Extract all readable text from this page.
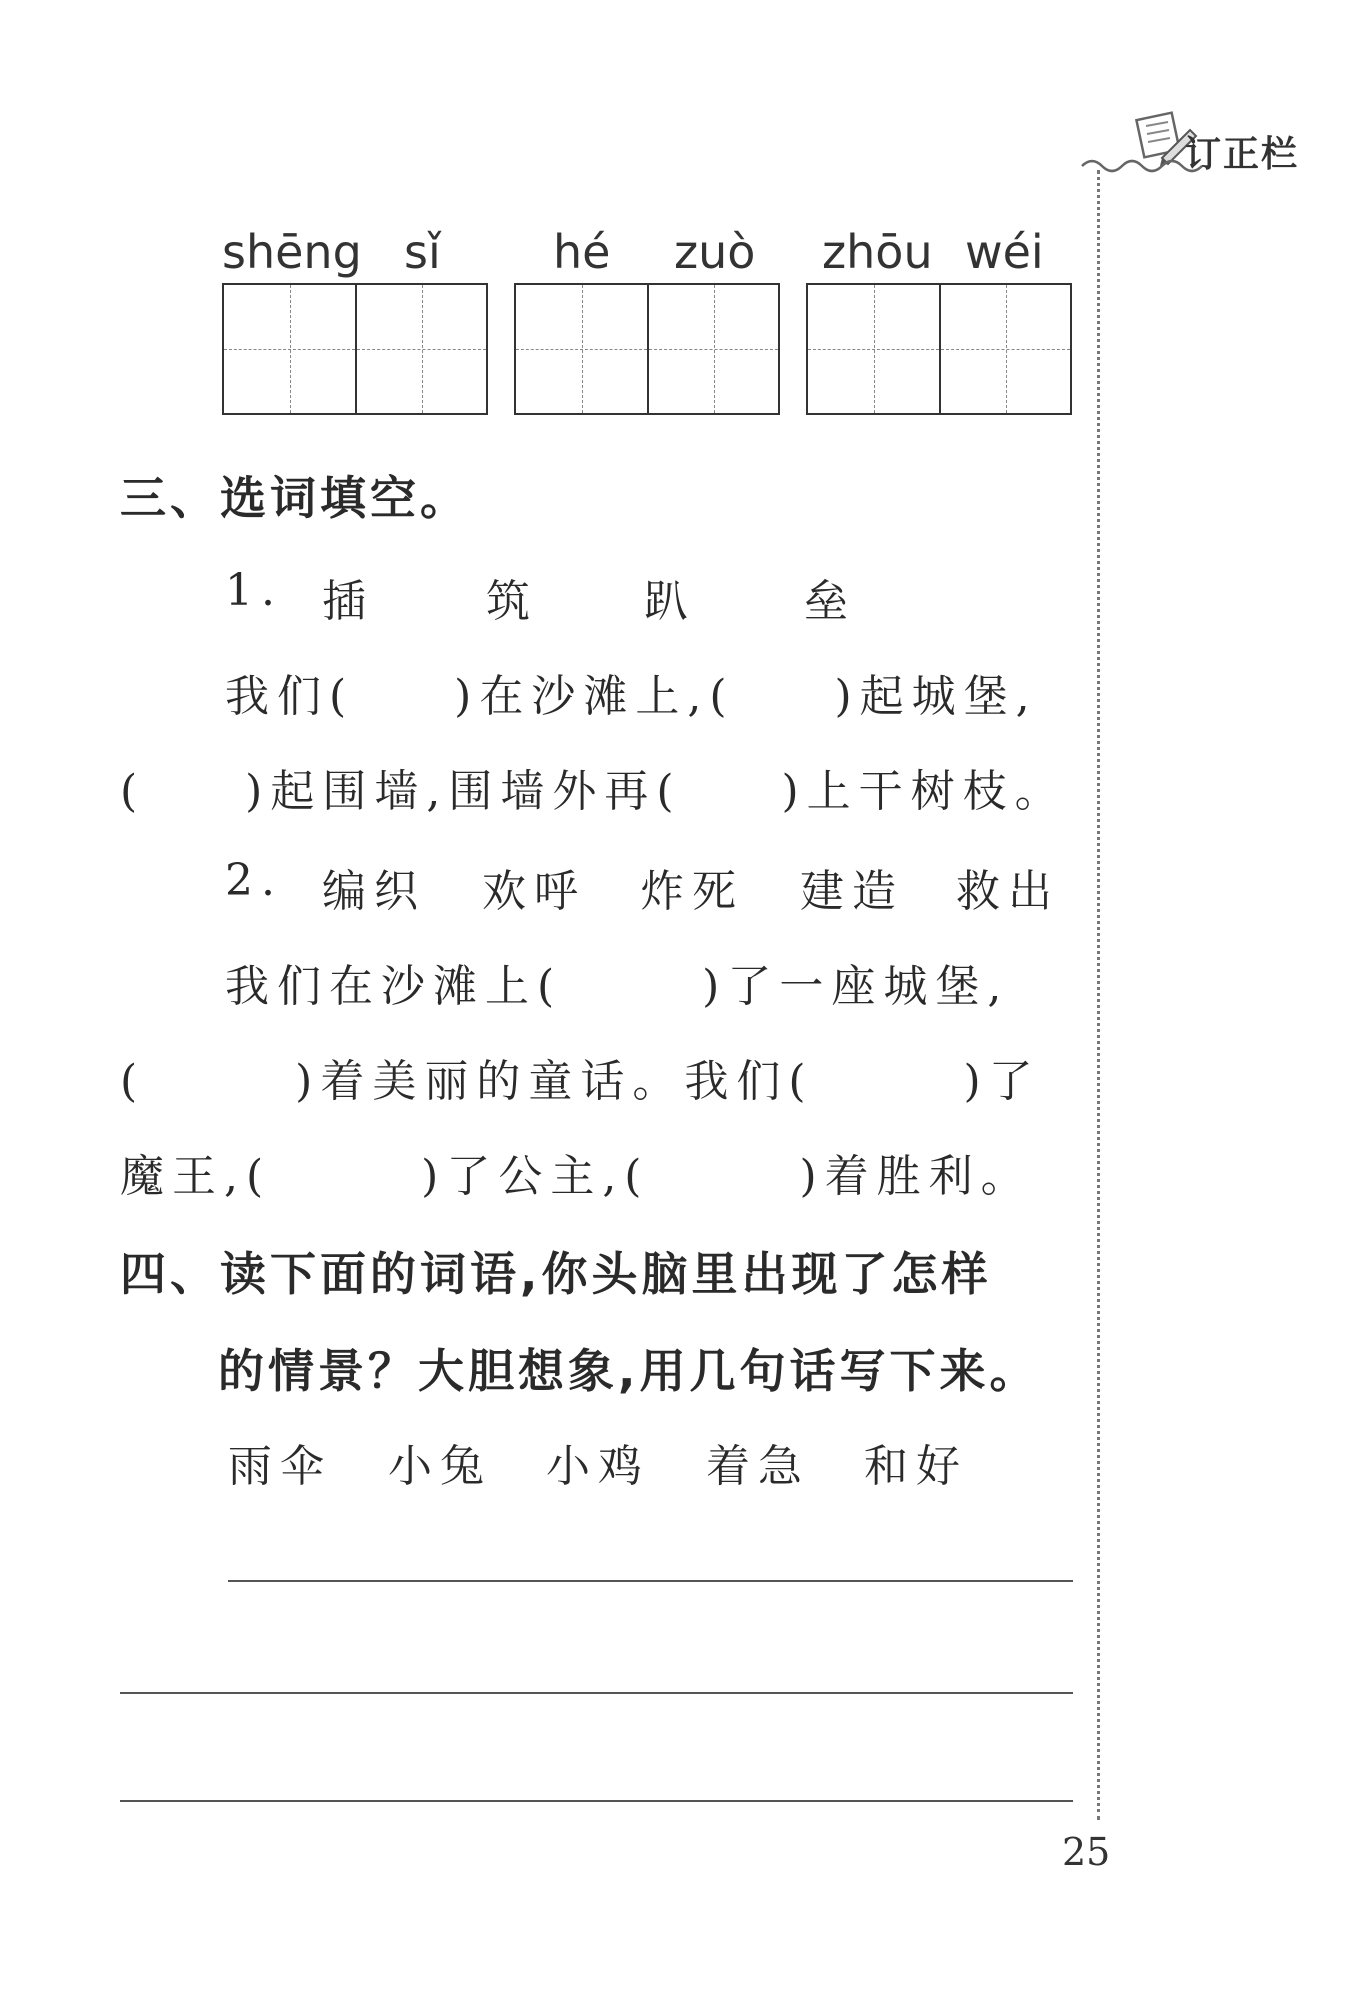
订正栏
shēng sǐ hé zuò zhōu wéi
三、选词填空。
1. 插	筑 趴 垒
我们( )在沙滩上,( )起城堡,
( )起围墙,围墙外再( )上干树枝。
2. 编织 欢呼 炸死 建造 救出
我们在沙滩上(	)了一座城堡,
(	)着美丽的童话。我们(	)了
魔王,(	)了公主,(	)着胜利。
四、读下面的词语,你头脑里出现了怎样
的情景？大胆想象,用几句话写下来。
雨伞 小兔 小鸡 着急 和好
25
